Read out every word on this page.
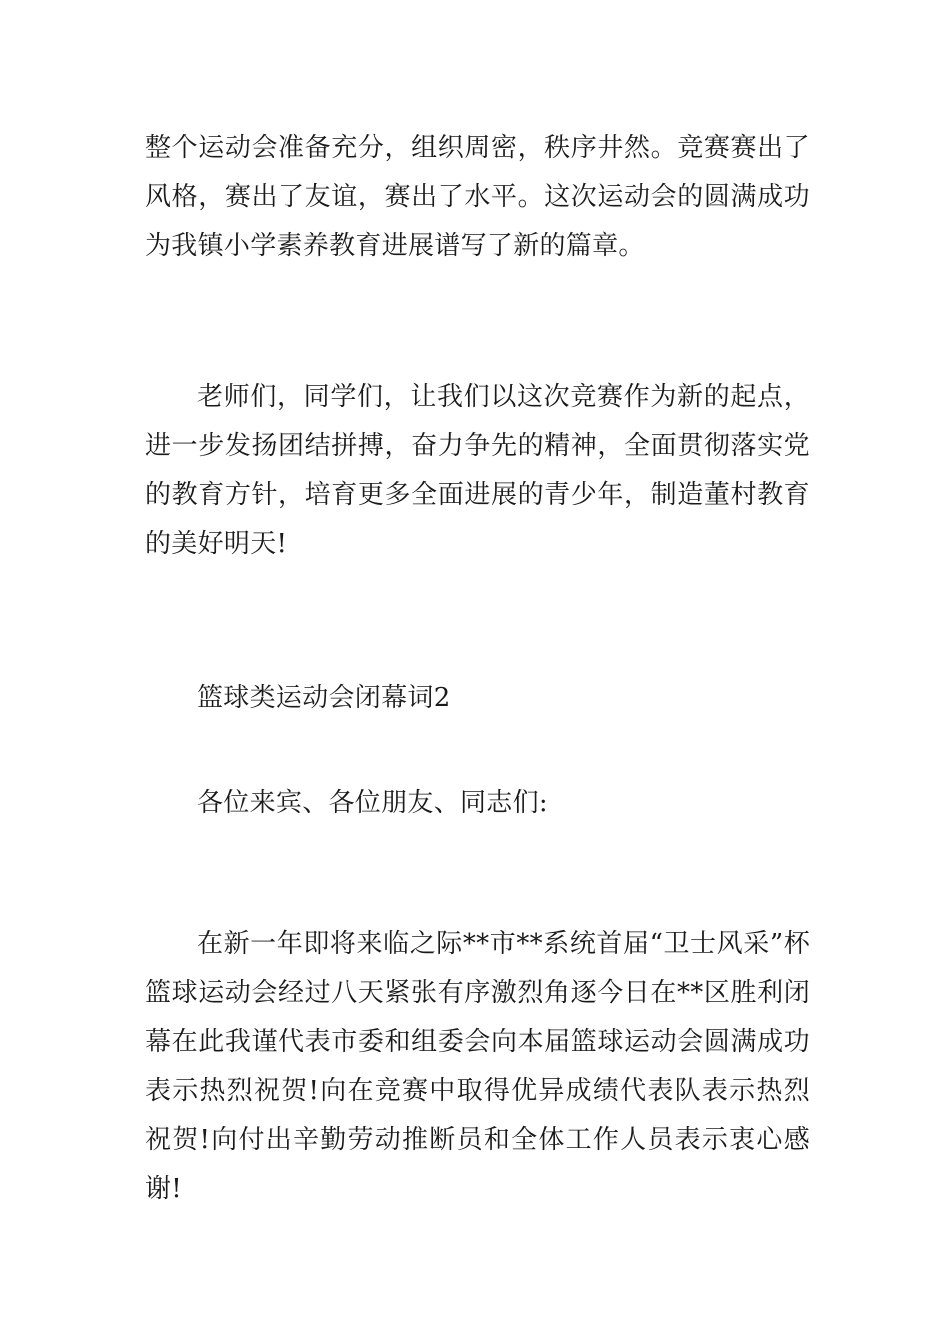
整个运动会准备充分，组织周密，秩序井然。竞赛赛出了风格，赛出了友谊，赛出了水平。这次运动会的圆满成功为我镇小学素养教育进展谱写了新的篇章。

老师们，同学们，让我们以这次竞赛作为新的起点，进一步发扬团结拼搏，奋力争先的精神，全面贯彻落实党的教育方针，培育更多全面进展的青少年，制造董村教育的美好明天!

篮球类运动会闭幕词2

各位来宾、各位朋友、同志们:

在新一年即将来临之际**市**系统首届“卫士风采”杯篮球运动会经过八天紧张有序激烈角逐今日在**区胜利闭幕在此我谨代表市委和组委会向本届篮球运动会圆满成功表示热烈祝贺!向在竞赛中取得优异成绩代表队表示热烈祝贺!向付出辛勤劳动推断员和全体工作人员表示衷心感谢!
